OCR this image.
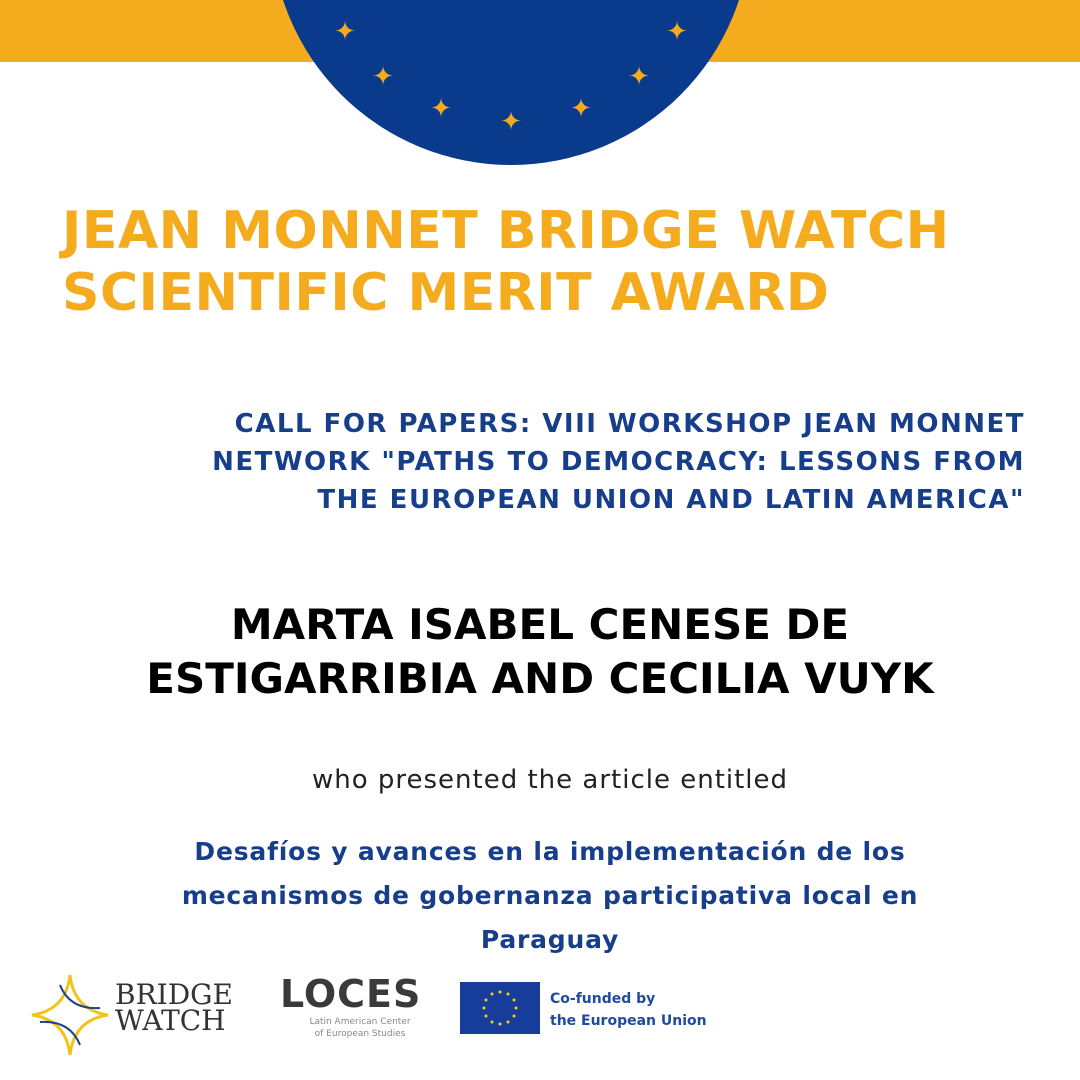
✦
✦
✦ ✦ ✦
✦
✦
JEAN MONNET BRIDGE WATCH
SCIENTIFIC MERIT AWARD
CALL FOR PAPERS: VIII WORKSHOP JEAN MONNET
NETWORK "PATHS TO DEMOCRACY: LESSONS FROM
THE EUROPEAN UNION AND LATIN AMERICA"
MARTA ISABEL CENESE DE
ESTIGARRIBIA AND CECILIA VUYK
who presented the article entitled
Desafíos y avances en la implementación de los
mecanismos de gobernanza participativa local en
Paraguay
BRIDGE
WATCH
LOCES
Latin American Center
of European Studies
Co-funded by
the European Union
